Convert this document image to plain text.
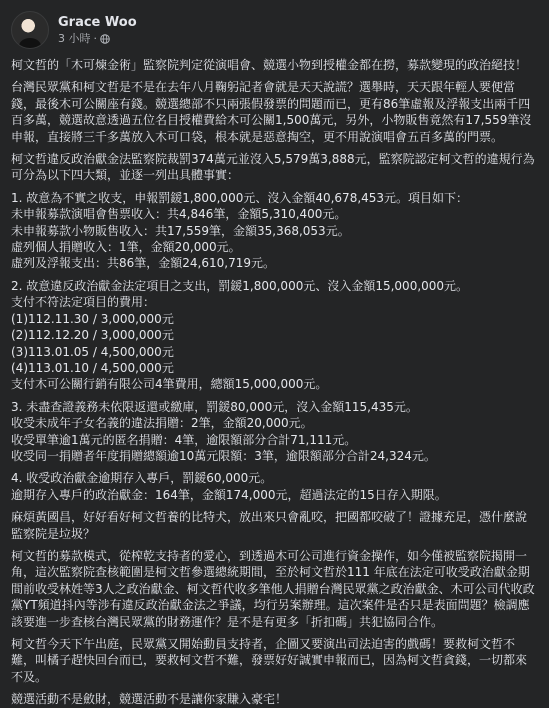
Grace Woo
3 小時 ·

柯文哲的「木可煉金術」監察院判定從演唱會、競選小物到授權金都在撈，募款變現的政治絕技！

台灣民眾黨和柯文哲是不是在去年八月鞠躬記者會就是天天說謊？選舉時，天天跟年輕人要便當錢，最後木可公關座有錢。競選總部不只兩張假發票的問題而已，更有86筆虛報及浮報支出兩千四百多萬，競選故意透過五位名目授權費給木可公關1,500萬元，另外，小物販售竟然有17,559筆沒申報，直接將三千多萬放入木可口袋，根本就是惡意掏空，更不用說演唱會五百多萬的門票。

柯文哲違反政治獻金法監察院裁罰374萬元並沒入5,579萬3,888元，監察院認定柯文哲的違規行為可分為以下四大類，並逐一列出具體事實：

1. 故意為不實之收支，申報罰鍰1,800,000元、沒入金額40,678,453元。項目如下：
未申報募款演唱會售票收入：共4,846筆，金額5,310,400元。
未申報募款小物販售收入：共17,559筆，金額35,368,053元。
虛列個人捐贈收入：1筆，金額20,000元。
虛列及浮報支出：共86筆，金額24,610,719元。

2. 故意違反政治獻金法定項目之支出，罰鍰1,800,000元、沒入金額15,000,000元。
支付不符法定項目的費用：
(1)112.11.30 / 3,000,000元
(2)112.12.20 / 3,000,000元
(3)113.01.05 / 4,500,000元
(4)113.01.10 / 4,500,000元
支付木可公關行銷有限公司4筆費用，總額15,000,000元。

3. 未盡查證義務未依限返還或繳庫，罰鍰80,000元，沒入金額115,435元。
收受未成年子女名義的違法捐贈：2筆，金額20,000元。
收受單筆逾1萬元的匿名捐贈：4筆，逾限額部分合計71,111元。
收受同一捐贈者年度捐贈總額逾10萬元限額：3筆，逾限額部分合計24,324元。

4. 收受政治獻金逾期存入專戶，罰鍰60,000元。
逾期存入專戶的政治獻金：164筆，金額174,000元，超過法定的15日存入期限。

麻煩黃國昌，好好看好柯文哲養的比特犬，放出來只會亂咬，把國都咬破了！證據充足，憑什麼說監察院是垃圾？

柯文哲的募款模式，從榨乾支持者的愛心，到透過木可公司進行資金操作，如今僅被監察院揭開一角，這次監察院查核範圍是柯文哲參選總統期間，至於柯文哲於111 年底在法定可收受政治獻金期間前收受林姓等3人之政治獻金、柯文哲代收多筆他人捐贈台灣民眾黨之政治獻金、木可公司代收政黨YT頻道抖內等涉有違反政治獻金法之爭議，均行另案辦理。這次案件是否只是表面問題？檢調應該要進一步查核台灣民眾黨的財務運作？是不是有更多「折扣碼」共犯協同合作。

柯文哲今天下午出庭，民眾黨又開始動員支持者，企圖又要演出司法迫害的戲碼！要救柯文哲不難，叫橘子趕快回台而已，要救柯文哲不難，發票好好誠實申報而已，因為柯文哲貪錢，一切都來不及。

競選活動不是斂財，競選活動不是讓你家賺入豪宅！
